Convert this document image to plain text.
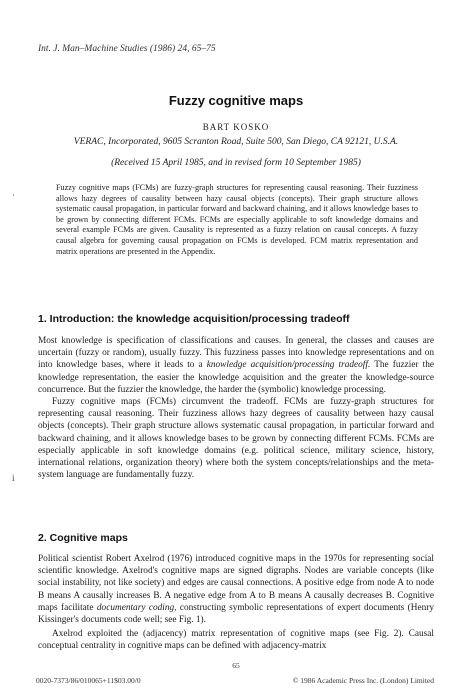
Int. J. Man–Machine Studies (1986) 24, 65–75
Fuzzy cognitive maps
BART KOSKO
VERAC, Incorporated, 9605 Scranton Road, Suite 500, San Diego, CA 92121, U.S.A.
(Received 15 April 1985, and in revised form 10 September 1985)

Fuzzy cognitive maps (FCMs) are fuzzy-graph structures for representing causal reasoning. Their fuzziness allows hazy degrees of causality between hazy causal objects (concepts). Their graph structure allows systematic causal propagation, in particular forward and backward chaining, and it allows knowledge bases to be grown by connecting different FCMs. FCMs are especially applicable to soft knowledge domains and several example FCMs are given. Causality is represented as a fuzzy relation on causal concepts. A fuzzy causal algebra for governing causal propagation on FCMs is developed. FCM matrix representation and matrix operations are presented in the Appendix.

·
i
1. Introduction: the knowledge acquisition/processing tradeoff

Most knowledge is specification of classifications and causes. In general, the classes and causes are uncertain (fuzzy or random), usually fuzzy. This fuzziness passes into knowledge representations and on into knowledge bases, where it leads to a knowledge acquisition/processing tradeoff. The fuzzier the knowledge representation, the easier the knowledge acquisition and the greater the knowledge-source concurrence. But the fuzzier the knowledge, the harder the (symbolic) knowledge processing.

Fuzzy cognitive maps (FCMs) circumvent the tradeoff. FCMs are fuzzy-graph structures for representing causal reasoning. Their fuzziness allows hazy degrees of causality between hazy causal objects (concepts). Their graph structure allows systematic causal propagation, in particular forward and backward chaining, and it allows knowledge bases to be grown by connecting different FCMs. FCMs are especially applicable in soft knowledge domains (e.g. political science, military science, history, international relations, organization theory) where both the system concepts/relationships and the meta-system language are fundamentally fuzzy.

2. Cognitive maps

Political scientist Robert Axelrod (1976) introduced cognitive maps in the 1970s for representing social scientific knowledge. Axelrod's cognitive maps are signed digraphs. Nodes are variable concepts (like social instability, not like society) and edges are causal connections. A positive edge from node A to node B means A causally increases B. A negative edge from A to B means A causally decreases B. Cognitive maps facilitate documentary coding, constructing symbolic representations of expert documents (Henry Kissinger's documents code well; see Fig. 1).

Axelrod exploited the (adjacency) matrix representation of cognitive maps (see Fig. 2). Causal conceptual centrality in cognitive maps can be defined with adjacency-matrix

65
0020-7373/86/010065+11$03.00/0	© 1986 Academic Press Inc. (London) Limited
